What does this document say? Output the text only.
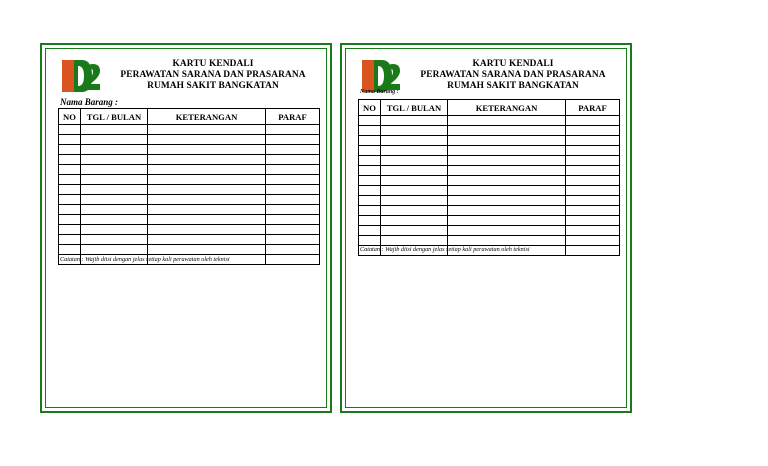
KARTU KENDALI
PERAWATAN SARANA DAN PRASARANA
RUMAH SAKIT BANGKATAN
Nama Barang :
NO	TGL / BULAN	KETERANGAN	PARAF

Catatan : Wajib diisi dengan jelas setiap kali perawatan oleh teknisi
KARTU KENDALI
PERAWATAN SARANA DAN PRASARANA
RUMAH SAKIT BANGKATAN
Nama Barang :
NO	TGL / BULAN	KETERANGAN	PARAF

Catatan : Wajib diisi dengan jelas setiap kali perawatan oleh teknisi
